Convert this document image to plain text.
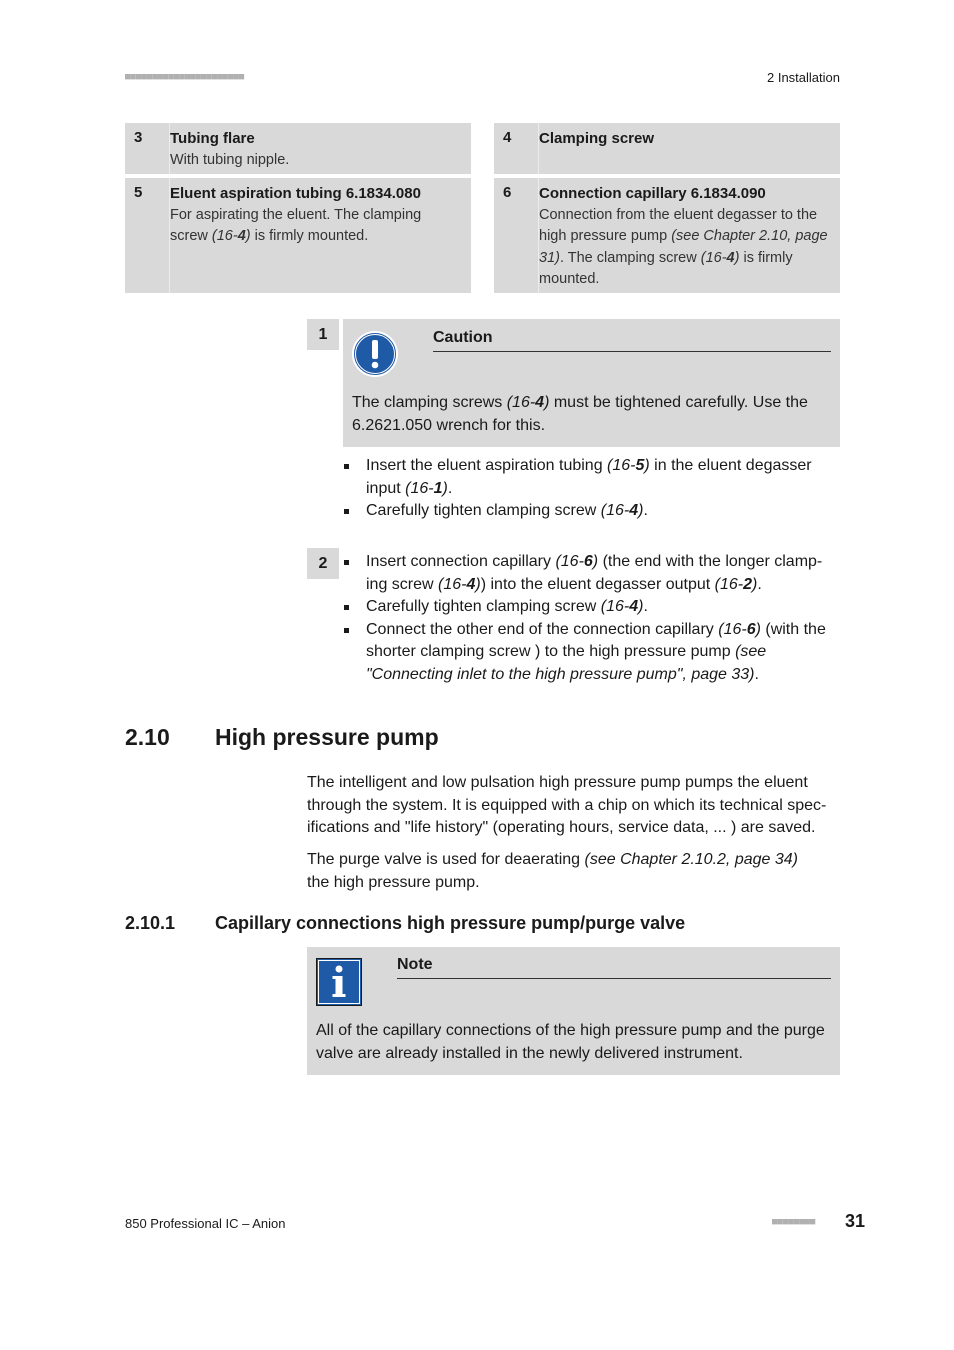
■■■■■■■■■■■■■■■■■■■■■■	2 Installation
3 Tubing flare
With tubing nipple.
4 Clamping screw
5 Eluent aspiration tubing 6.1834.080
For aspirating the eluent. The clamping screw (16-4) is firmly mounted.
6 Connection capillary 6.1834.090
Connection from the eluent degasser to the high pressure pump (see Chapter 2.10, page 31). The clamping screw (16-4) is firmly mounted.
1	Caution
The clamping screws (16-4) must be tightened carefully. Use the 6.2621.050 wrench for this.
Insert the eluent aspiration tubing (16-5) in the eluent degasser input (16-1).
Carefully tighten clamping screw (16-4).
2	Insert connection capillary (16-6) (the end with the longer clamp-ing screw (16-4)) into the eluent degasser output (16-2).
Carefully tighten clamping screw (16-4).
Connect the other end of the connection capillary (16-6) (with the shorter clamping screw ) to the high pressure pump (see "Connecting inlet to the high pressure pump", page 33).
2.10 High pressure pump
The intelligent and low pulsation high pressure pump pumps the eluent through the system. It is equipped with a chip on which its technical spec-ifications and "life history" (operating hours, service data, ... ) are saved.
The purge valve is used for deaerating (see Chapter 2.10.2, page 34)
the high pressure pump.
2.10.1 Capillary connections high pressure pump/purge valve
Note
All of the capillary connections of the high pressure pump and the purge valve are already installed in the newly delivered instrument.
850 Professional IC – Anion	■■■■■■■■ 31
